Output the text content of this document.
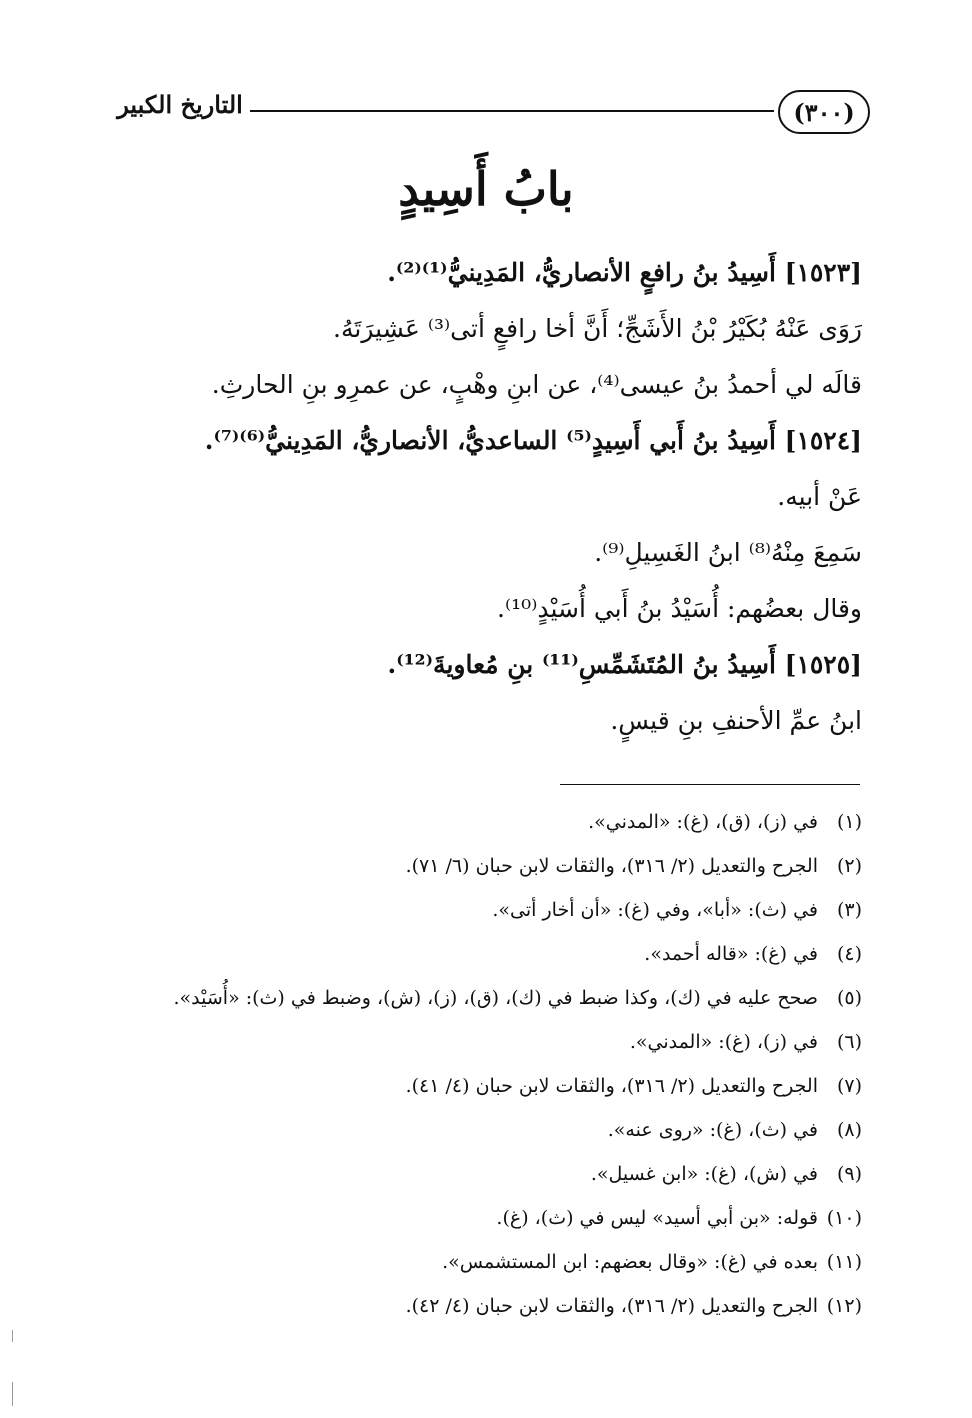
(٣٠٠)
التاريخ الكبير
بابُ أَسِيدٍ
[١٥٢٣] أَسِيدُ بنُ رافعٍ الأنصاريُّ، المَدِينيُّ⁽¹⁾⁽²⁾.
رَوَى عَنْهُ بُكَيْرُ بْنُ الأَشَجِّ؛ أَنَّ أخا رافعٍ أتى⁽³⁾ عَشِيرَتَهُ.
قالَه لي أحمدُ بنُ عيسى⁽⁴⁾، عن ابنِ وهْبٍ، عن عمرِو بنِ الحارثِ.
[١٥٢٤] أَسِيدُ بنُ أَبي أَسِيدٍ⁽⁵⁾ الساعديُّ، الأنصاريُّ، المَدِينيُّ⁽⁶⁾⁽⁷⁾.
عَنْ أبيه.
سَمِعَ مِنْهُ⁽⁸⁾ ابنُ الغَسِيلِ⁽⁹⁾.
وقال بعضُهم: أُسَيْدُ بنُ أَبي أُسَيْدٍ⁽¹⁰⁾.
[١٥٢٥] أَسِيدُ بنُ المُتَشَمِّسِ⁽¹¹⁾ بنِ مُعاويةَ⁽¹²⁾.
ابنُ عمِّ الأحنفِ بنِ قيسٍ.
(١)في (ز)، (ق)، (غ): «المدني».
(٢)الجرح والتعديل (٢/ ٣١٦)، والثقات لابن حبان (٦/ ٧١).
(٣)في (ث): «أبا»، وفي (غ): «أن أخار أتى».
(٤)في (غ): «قاله أحمد».
(٥)صحح عليه في (ك)، وكذا ضبط في (ك)، (ق)، (ز)، (ش)، وضبط في (ث): «أُسَيْد».
(٦)في (ز)، (غ): «المدني».
(٧)الجرح والتعديل (٢/ ٣١٦)، والثقات لابن حبان (٤/ ٤١).
(٨)في (ث)، (غ): «روى عنه».
(٩)في (ش)، (غ): «ابن غسيل».
(١٠)قوله: «بن أبي أسيد» ليس في (ث)، (غ).
(١١)بعده في (غ): «وقال بعضهم: ابن المستشمس».
(١٢)الجرح والتعديل (٢/ ٣١٦)، والثقات لابن حبان (٤/ ٤٢).
